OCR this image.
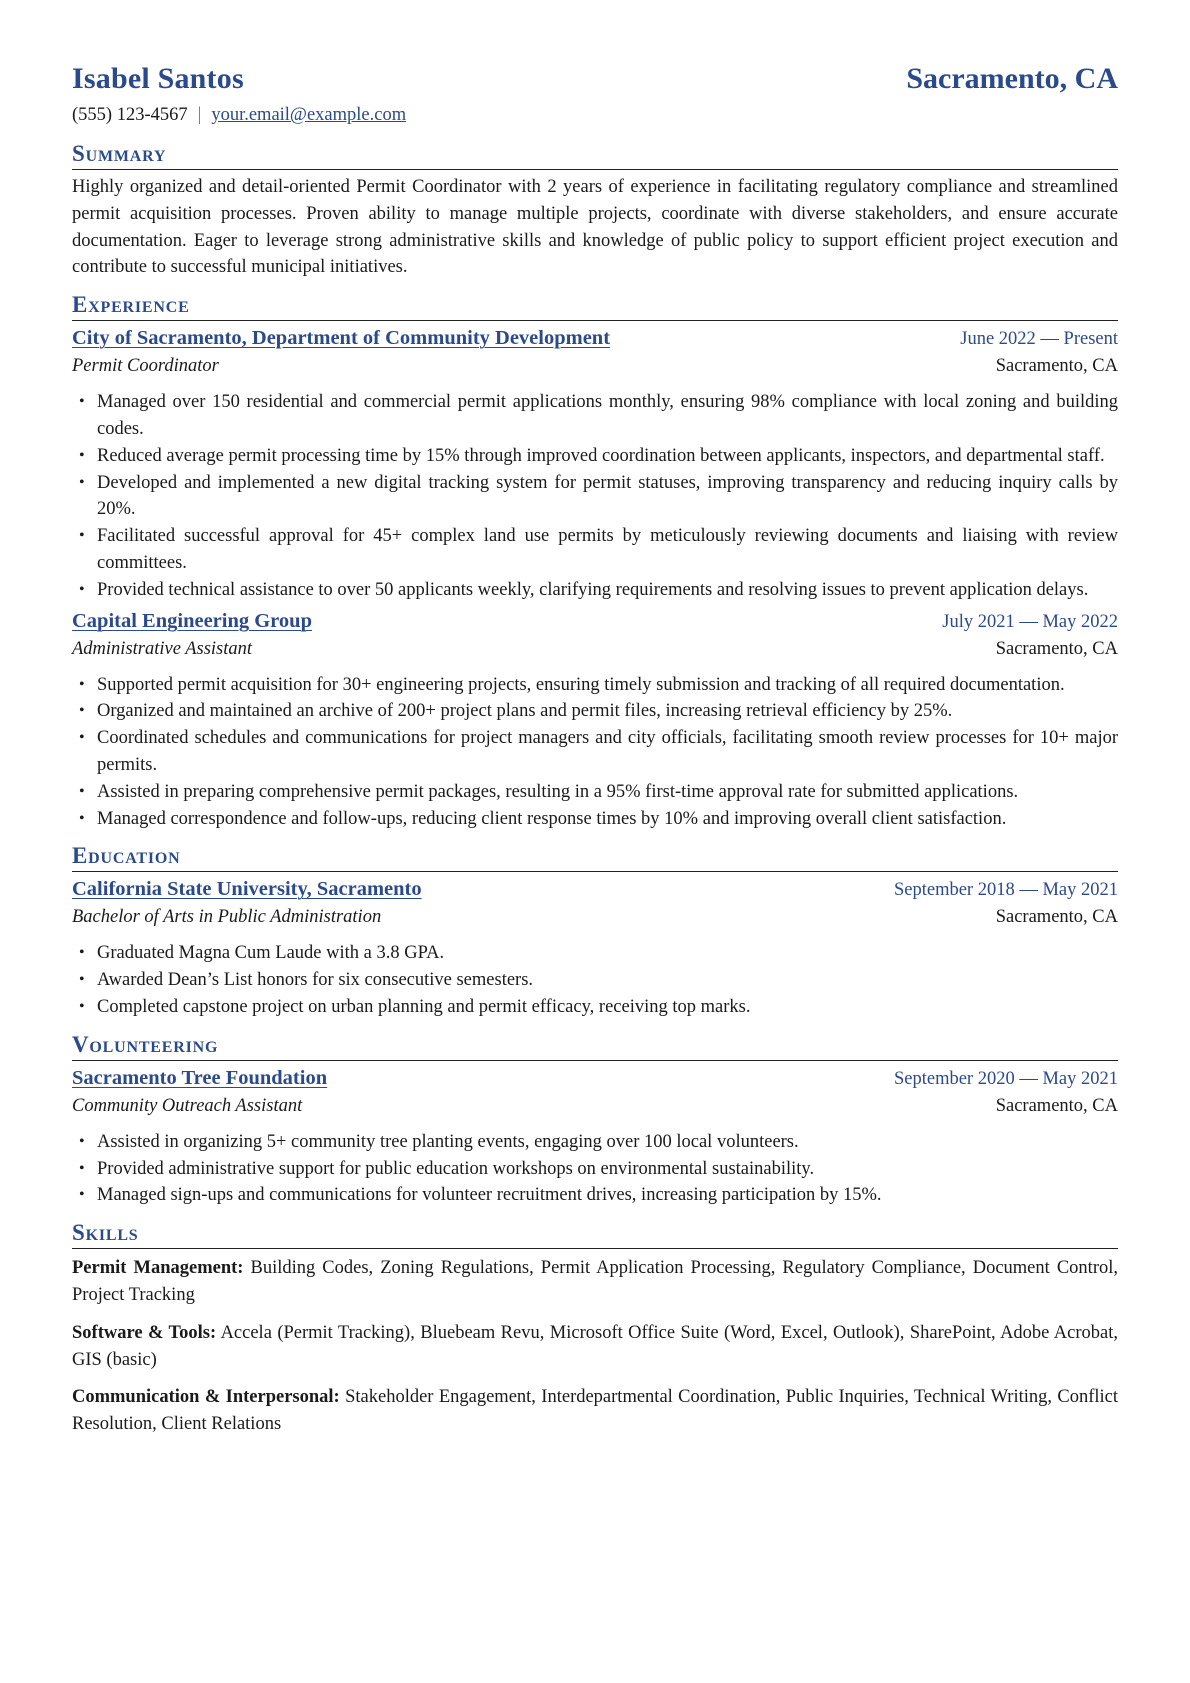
Isabel Santos	Sacramento, CA
(555) 123-4567 | your.email@example.com
Summary
Highly organized and detail-oriented Permit Coordinator with 2 years of experience in facilitating regulatory compliance and streamlined permit acquisition processes. Proven ability to manage multiple projects, coordinate with diverse stakeholders, and ensure accurate documentation. Eager to leverage strong administrative skills and knowledge of public policy to support efficient project execution and contribute to successful municipal initiatives.
Experience
City of Sacramento, Department of Community Development	June 2022 — Present
Permit Coordinator	Sacramento, CA
• Managed over 150 residential and commercial permit applications monthly, ensuring 98% compliance with local zoning and building codes.
• Reduced average permit processing time by 15% through improved coordination between applicants, inspectors, and departmental staff.
• Developed and implemented a new digital tracking system for permit statuses, improving transparency and reducing inquiry calls by 20%.
• Facilitated successful approval for 45+ complex land use permits by meticulously reviewing documents and liaising with review committees.
• Provided technical assistance to over 50 applicants weekly, clarifying requirements and resolving issues to prevent application delays.
Capital Engineering Group	July 2021 — May 2022
Administrative Assistant	Sacramento, CA
• Supported permit acquisition for 30+ engineering projects, ensuring timely submission and tracking of all required documentation.
• Organized and maintained an archive of 200+ project plans and permit files, increasing retrieval efficiency by 25%.
• Coordinated schedules and communications for project managers and city officials, facilitating smooth review processes for 10+ major permits.
• Assisted in preparing comprehensive permit packages, resulting in a 95% first-time approval rate for submitted applications.
• Managed correspondence and follow-ups, reducing client response times by 10% and improving overall client satisfaction.
Education
California State University, Sacramento	September 2018 — May 2021
Bachelor of Arts in Public Administration	Sacramento, CA
• Graduated Magna Cum Laude with a 3.8 GPA.
• Awarded Dean’s List honors for six consecutive semesters.
• Completed capstone project on urban planning and permit efficacy, receiving top marks.
Volunteering
Sacramento Tree Foundation	September 2020 — May 2021
Community Outreach Assistant	Sacramento, CA
• Assisted in organizing 5+ community tree planting events, engaging over 100 local volunteers.
• Provided administrative support for public education workshops on environmental sustainability.
• Managed sign-ups and communications for volunteer recruitment drives, increasing participation by 15%.
Skills
Permit Management: Building Codes, Zoning Regulations, Permit Application Processing, Regulatory Compliance, Document Control, Project Tracking
Software & Tools: Accela (Permit Tracking), Bluebeam Revu, Microsoft Office Suite (Word, Excel, Outlook), SharePoint, Adobe Acrobat, GIS (basic)
Communication & Interpersonal: Stakeholder Engagement, Interdepartmental Coordination, Public Inquiries, Technical Writing, Conflict Resolution, Client Relations
